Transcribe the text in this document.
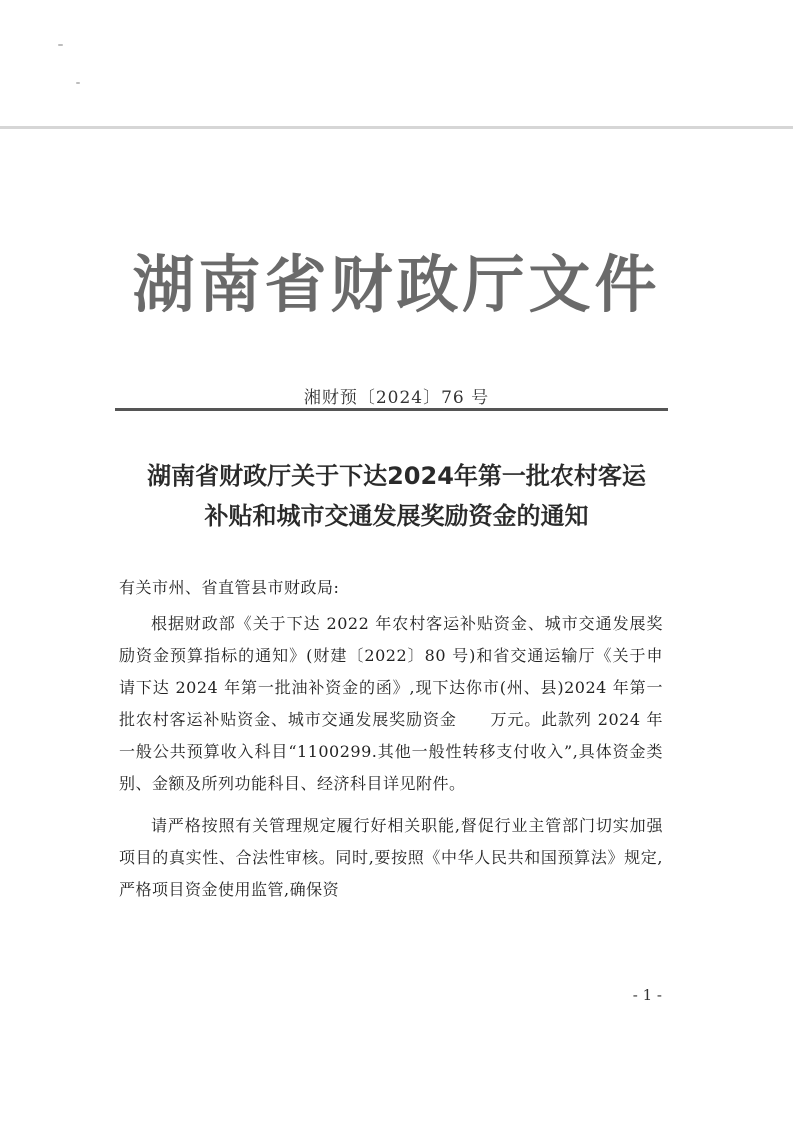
湖南省财政厅文件
湘财预〔2024〕76 号
湖南省财政厅关于下达2024年第一批农村客运
补贴和城市交通发展奖励资金的通知

有关市州、省直管县市财政局:

根据财政部《关于下达 2022 年农村客运补贴资金、城市交通发展奖励资金预算指标的通知》(财建〔2022〕80 号)和省交通运输厅《关于申请下达 2024 年第一批油补资金的函》,现下达你市(州、县)2024 年第一批农村客运补贴资金、城市交通发展奖励资金　　万元。此款列 2024 年一般公共预算收入科目“1100299.其他一般性转移支付收入”,具体资金类别、金额及所列功能科目、经济科目详见附件。

请严格按照有关管理规定履行好相关职能,督促行业主管部门切实加强项目的真实性、合法性审核。同时,要按照《中华人民共和国预算法》规定,严格项目资金使用监管,确保资

- 1 -
